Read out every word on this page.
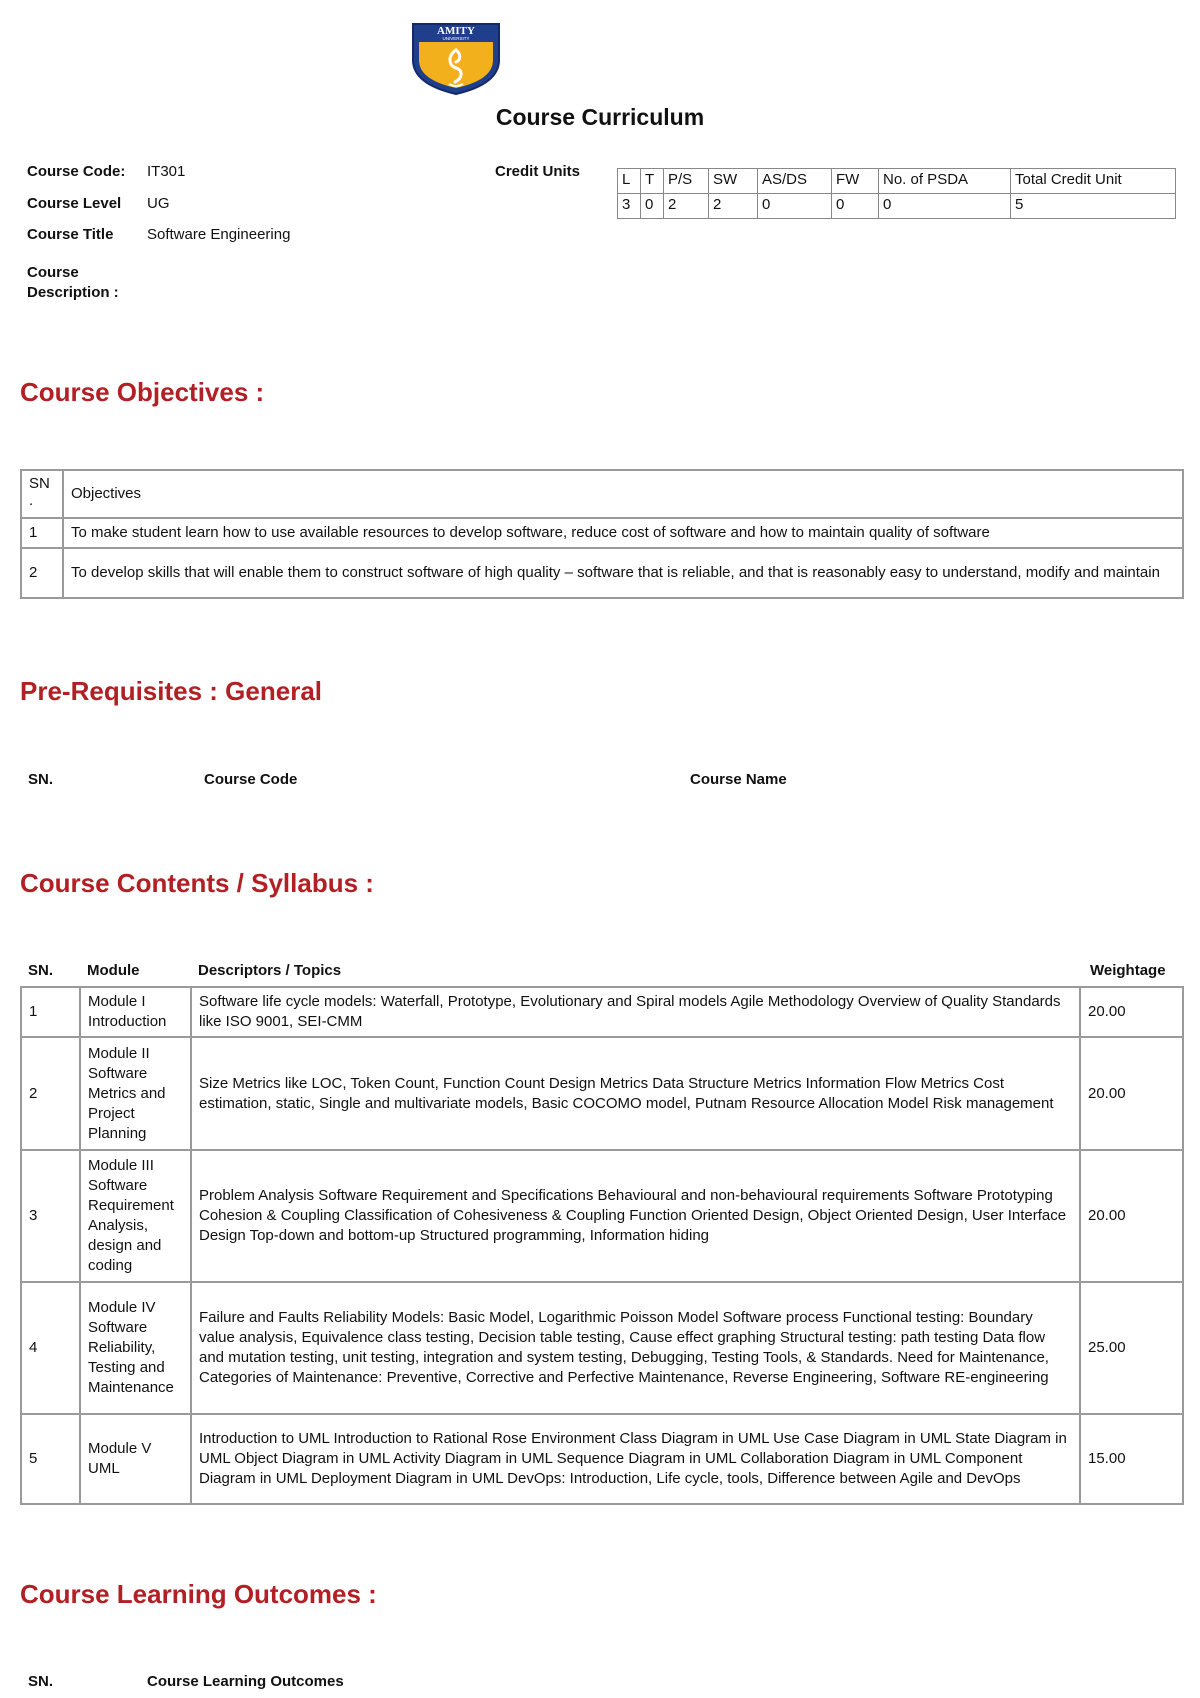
AMITY
UNIVERSITY
Course Curriculum
Course Code: IT301
Course Level UG
Course Title Software Engineering
Course
Description :
Credit Units	L	T	P/S	SW	AS/DS	FW	No. of PSDA	Total Credit Unit
3	0	2	2	0	0	0	5
Course Objectives :
SN
.	Objectives
1	To make student learn how to use available resources to develop software, reduce cost of software and how to maintain quality of software
2	To develop skills that will enable them to construct software of high quality – software that is reliable, and that is reasonably easy to understand, modify and maintain
Pre-Requisites : General
SN.	Course Code	Course Name
Course Contents / Syllabus :
SN. Module	Descriptors / Topics	Weightage
1	Module I Introduction	Software life cycle models: Waterfall, Prototype, Evolutionary and Spiral models Agile Methodology Overview of Quality Standards like ISO 9001, SEI-CMM	20.00
2	Module II Software Metrics and Project Planning	Size Metrics like LOC, Token Count, Function Count Design Metrics Data Structure Metrics Information Flow Metrics Cost estimation, static, Single and multivariate models, Basic COCOMO model, Putnam Resource Allocation Model Risk management	20.00
3	Module III Software Requirement Analysis, design and coding	Problem Analysis Software Requirement and Specifications Behavioural and non-behavioural requirements Software Prototyping Cohesion & Coupling Classification of Cohesiveness & Coupling Function Oriented Design, Object Oriented Design, User Interface Design Top-down and bottom-up Structured programming, Information hiding	20.00
4	Module IV Software Reliability, Testing and Maintenance	Failure and Faults Reliability Models: Basic Model, Logarithmic Poisson Model Software process Functional testing: Boundary value analysis, Equivalence class testing, Decision table testing, Cause effect graphing Structural testing: path testing Data flow and mutation testing, unit testing, integration and system testing, Debugging, Testing Tools, & Standards. Need for Maintenance, Categories of Maintenance: Preventive, Corrective and Perfective Maintenance, Reverse Engineering, Software RE-engineering	25.00
5	Module V UML	Introduction to UML Introduction to Rational Rose Environment Class Diagram in UML Use Case Diagram in UML State Diagram in UML Object Diagram in UML Activity Diagram in UML Sequence Diagram in UML Collaboration Diagram in UML Component Diagram in UML Deployment Diagram in UML DevOps: Introduction, Life cycle, tools, Difference between Agile and DevOps	15.00
Course Learning Outcomes :
SN.	Course Learning Outcomes
